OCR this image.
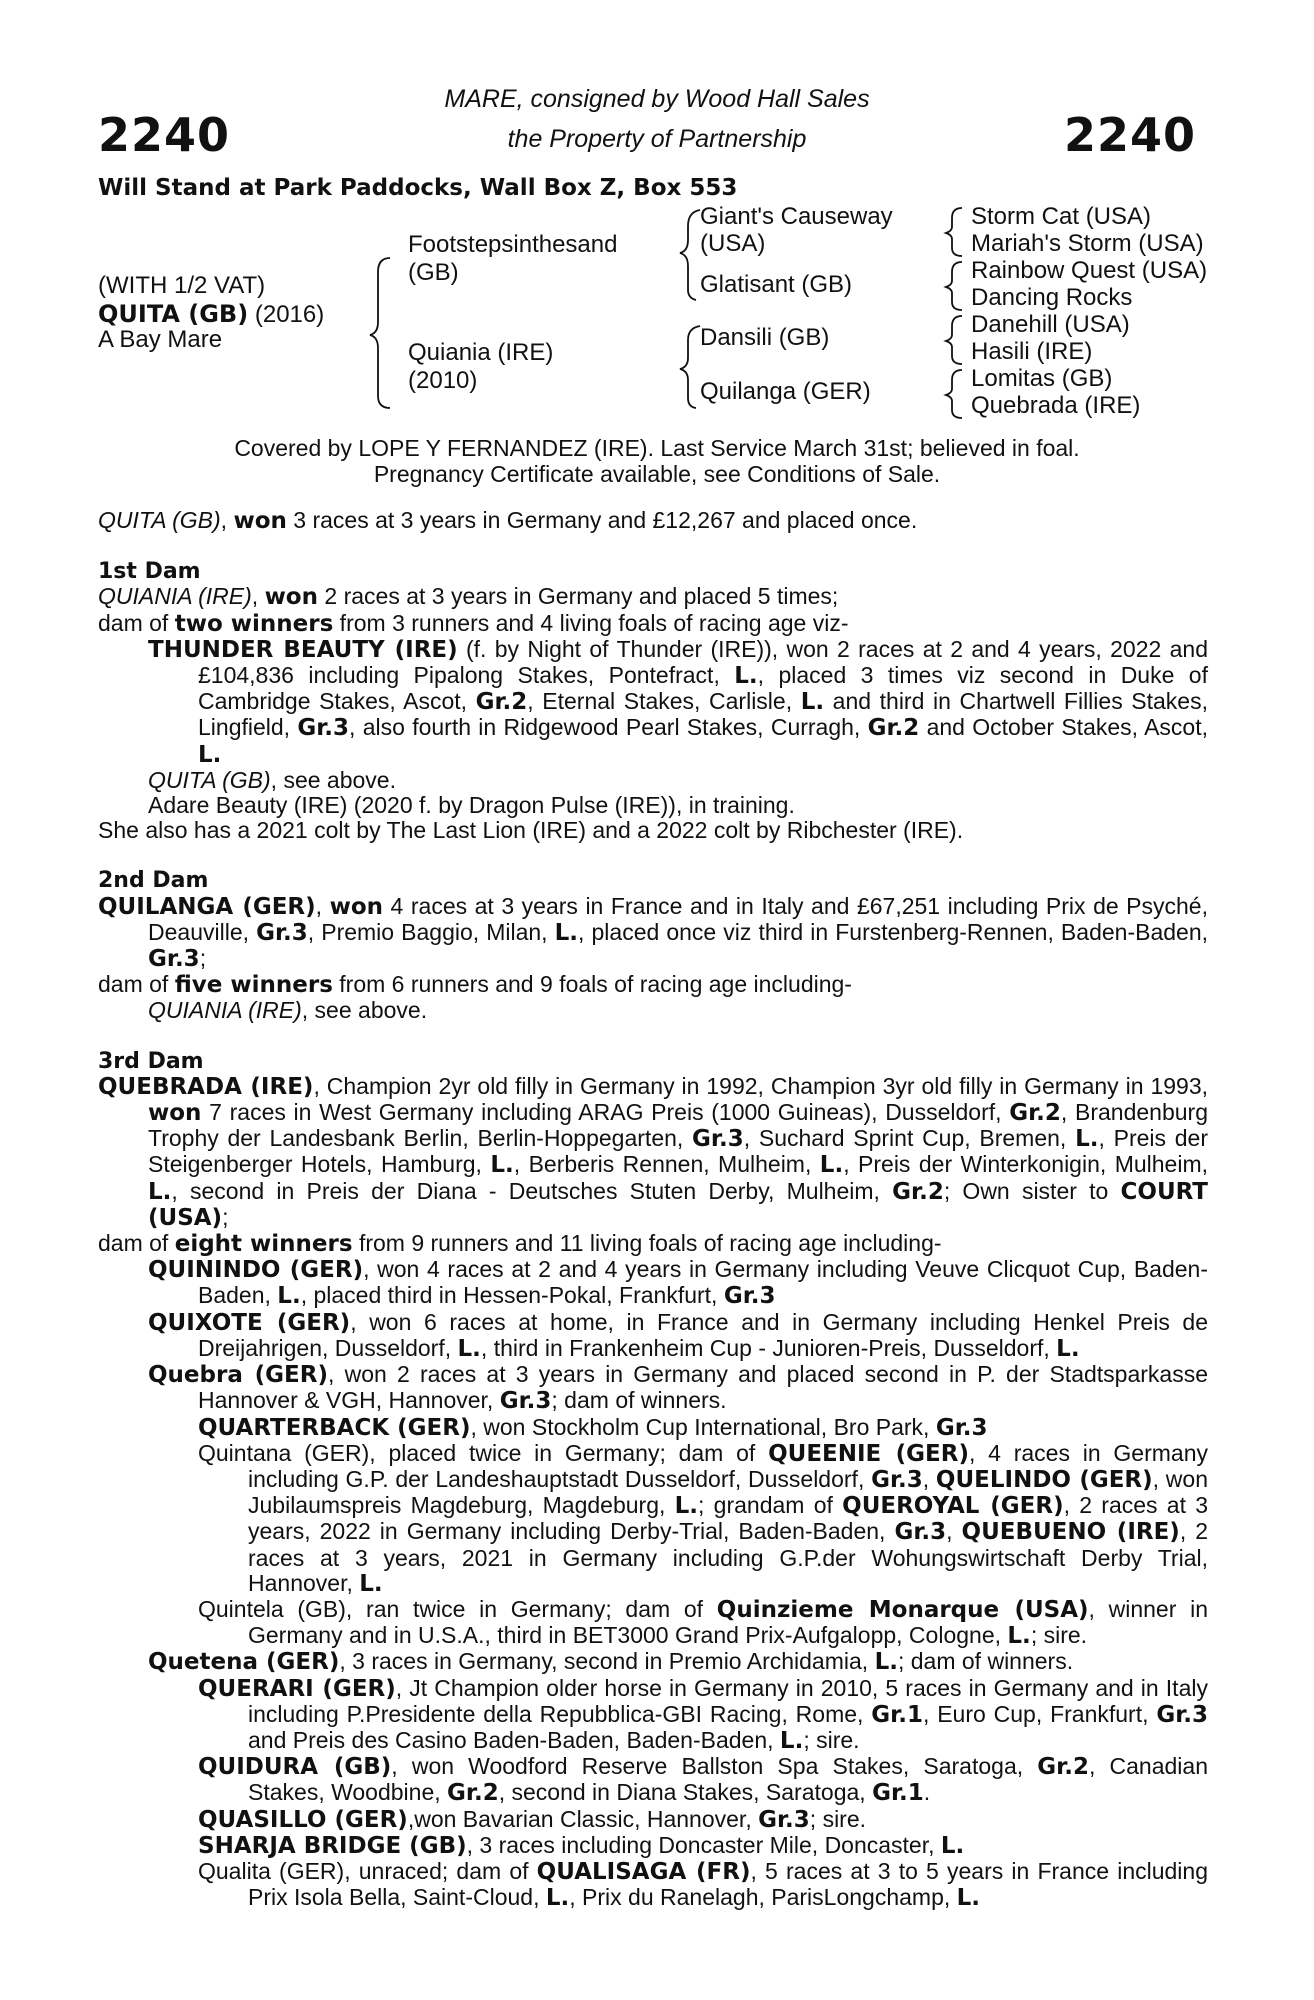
2240	2240
MARE, consigned by Wood Hall Sales
the Property of Partnership
Will Stand at Park Paddocks, Wall Box Z, Box 553
(WITH 1/2 VAT)
QUITA (GB) (2016)
A Bay Mare
Footstepsinthesand
(GB)
Quiania (IRE)
(2010)
Giant's Causeway
(USA)
Glatisant (GB)
Dansili (GB)
Quilanga (GER)
Storm Cat (USA)
Mariah's Storm (USA)
Rainbow Quest (USA)
Dancing Rocks
Danehill (USA)
Hasili (IRE)
Lomitas (GB)
Quebrada (IRE)
Covered by LOPE Y FERNANDEZ (IRE). Last Service March 31st; believed in foal.
Pregnancy Certificate available, see Conditions of Sale.

QUITA (GB), won 3 races at 3 years in Germany and £12,267 and placed once.

1st Dam

QUIANIA (IRE), won 2 races at 3 years in Germany and placed 5 times;

dam of two winners from 3 runners and 4 living foals of racing age viz-

THUNDER BEAUTY (IRE) (f. by Night of Thunder (IRE)), won 2 races at 2 and 4 years, 2022 and £104,836 including Pipalong Stakes, Pontefract, L., placed 3 times viz second in Duke of Cambridge Stakes, Ascot, Gr.2, Eternal Stakes, Carlisle, L. and third in Chartwell Fillies Stakes, Lingfield, Gr.3, also fourth in Ridgewood Pearl Stakes, Curragh, Gr.2 and October Stakes, Ascot, L.

QUITA (GB), see above.

Adare Beauty (IRE) (2020 f. by Dragon Pulse (IRE)), in training.

She also has a 2021 colt by The Last Lion (IRE) and a 2022 colt by Ribchester (IRE).

2nd Dam

QUILANGA (GER), won 4 races at 3 years in France and in Italy and £67,251 including Prix de Psyché, Deauville, Gr.3, Premio Baggio, Milan, L., placed once viz third in Furstenberg-Rennen, Baden-Baden, Gr.3;

dam of five winners from 6 runners and 9 foals of racing age including-

QUIANIA (IRE), see above.

3rd Dam

QUEBRADA (IRE), Champion 2yr old filly in Germany in 1992, Champion 3yr old filly in Germany in 1993, won 7 races in West Germany including ARAG Preis (1000 Guineas), Dusseldorf, Gr.2, Brandenburg Trophy der Landesbank Berlin, Berlin-Hoppegarten, Gr.3, Suchard Sprint Cup, Bremen, L., Preis der Steigenberger Hotels, Hamburg, L., Berberis Rennen, Mulheim, L., Preis der Winterkonigin, Mulheim, L., second in Preis der Diana - Deutsches Stuten Derby, Mulheim, Gr.2; Own sister to COURT (USA);

dam of eight winners from 9 runners and 11 living foals of racing age including-

QUININDO (GER), won 4 races at 2 and 4 years in Germany including Veuve Clicquot Cup, Baden-Baden, L., placed third in Hessen-Pokal, Frankfurt, Gr.3

QUIXOTE (GER), won 6 races at home, in France and in Germany including Henkel Preis de Dreijahrigen, Dusseldorf, L., third in Frankenheim Cup - Junioren-Preis, Dusseldorf, L.

Quebra (GER), won 2 races at 3 years in Germany and placed second in P. der Stadtsparkasse Hannover & VGH, Hannover, Gr.3; dam of winners.

QUARTERBACK (GER), won Stockholm Cup International, Bro Park, Gr.3

Quintana (GER), placed twice in Germany; dam of QUEENIE (GER), 4 races in Germany including G.P. der Landeshauptstadt Dusseldorf, Dusseldorf, Gr.3, QUELINDO (GER), won Jubilaumspreis Magdeburg, Magdeburg, L.; grandam of QUEROYAL (GER), 2 races at 3 years, 2022 in Germany including Derby-Trial, Baden-Baden, Gr.3, QUEBUENO (IRE), 2 races at 3 years, 2021 in Germany including G.P.der Wohungswirtschaft Derby Trial, Hannover, L.

Quintela (GB), ran twice in Germany; dam of Quinzieme Monarque (USA), winner in Germany and in U.S.A., third in BET3000 Grand Prix-Aufgalopp, Cologne, L.; sire.

Quetena (GER), 3 races in Germany, second in Premio Archidamia, L.; dam of winners.

QUERARI (GER), Jt Champion older horse in Germany in 2010, 5 races in Germany and in Italy including P.Presidente della Repubblica-GBI Racing, Rome, Gr.1, Euro Cup, Frankfurt, Gr.3 and Preis des Casino Baden-Baden, Baden-Baden, L.; sire.

QUIDURA (GB), won Woodford Reserve Ballston Spa Stakes, Saratoga, Gr.2, Canadian Stakes, Woodbine, Gr.2, second in Diana Stakes, Saratoga, Gr.1.

QUASILLO (GER),won Bavarian Classic, Hannover, Gr.3; sire.

SHARJA BRIDGE (GB), 3 races including Doncaster Mile, Doncaster, L.

Qualita (GER), unraced; dam of QUALISAGA (FR), 5 races at 3 to 5 years in France including Prix Isola Bella, Saint-Cloud, L., Prix du Ranelagh, ParisLongchamp, L.
